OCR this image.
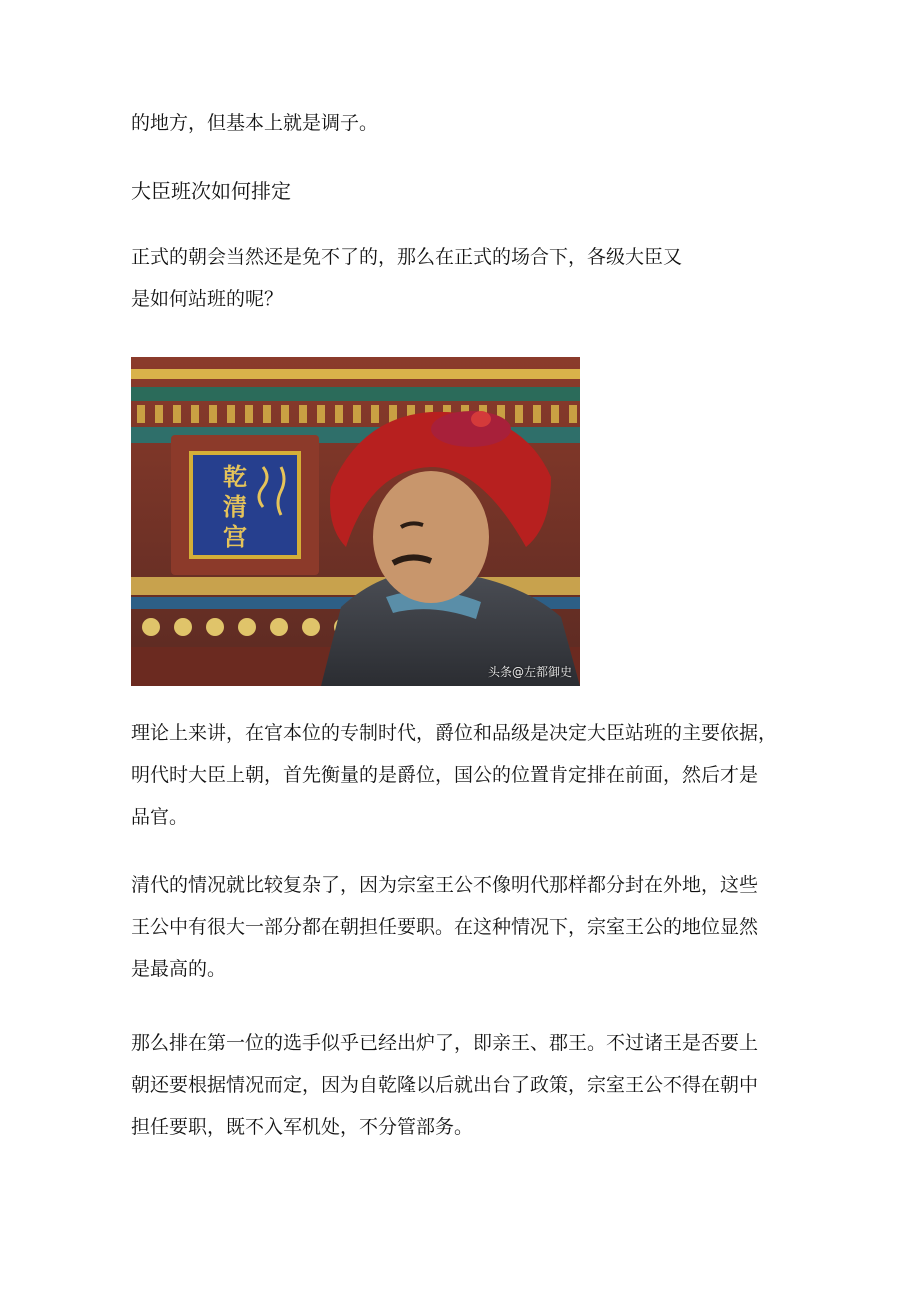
的地方，但基本上就是调子。

大臣班次如何排定

正式的朝会当然还是免不了的，那么在正式的场合下，各级大臣又

是如何站班的呢？

乾
清
宫
头条@左都御史

理论上来讲，在官本位的专制时代，爵位和品级是决定大臣站班的主要依据，

明代时大臣上朝，首先衡量的是爵位，国公的位置肯定排在前面，然后才是

品官。

清代的情况就比较复杂了，因为宗室王公不像明代那样都分封在外地，这些

王公中有很大一部分都在朝担任要职。在这种情况下，宗室王公的地位显然

是最高的。

那么排在第一位的选手似乎已经出炉了，即亲王、郡王。不过诸王是否要上

朝还要根据情况而定，因为自乾隆以后就出台了政策，宗室王公不得在朝中

担任要职，既不入军机处，不分管部务。
